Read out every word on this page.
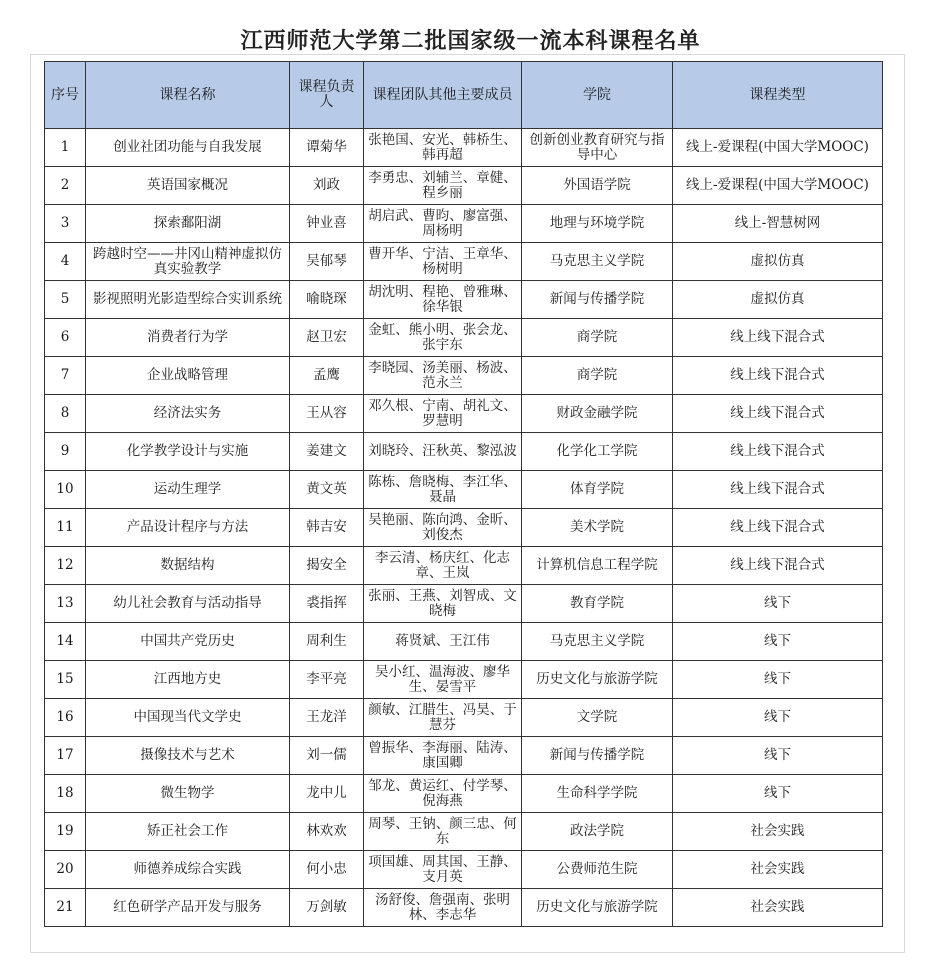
江西师范大学第二批国家级一流本科课程名单
序号	课程名称	课程负责人	课程团队其他主要成员	学院	课程类型
1	创业社团功能与自我发展	谭菊华	张艳国、安光、韩桥生、韩再超	创新创业教育研究与指导中心	线上-爱课程(中国大学MOOC)
2	英语国家概况	刘政	李勇忠、刘辅兰、章健、程乡丽	外国语学院	线上-爱课程(中国大学MOOC)
3	探索鄱阳湖	钟业喜	胡启武、曹昀、廖富强、周杨明	地理与环境学院	线上-智慧树网
4	跨越时空——井冈山精神虚拟仿真实验教学	吴郁琴	曹开华、宁洁、王章华、杨树明	马克思主义学院	虚拟仿真
5	影视照明光影造型综合实训系统	喻晓琛	胡沈明、程艳、曾雅琳、徐华银	新闻与传播学院	虚拟仿真
6	消费者行为学	赵卫宏	金虹、熊小明、张会龙、张宇东	商学院	线上线下混合式
7	企业战略管理	孟鹰	李晓园、汤美丽、杨波、范永兰	商学院	线上线下混合式
8	经济法实务	王从容	邓久根、宁南、胡礼文、罗慧明	财政金融学院	线上线下混合式
9	化学教学设计与实施	姜建文	刘晓玲、汪秋英、黎泓波	化学化工学院	线上线下混合式
10	运动生理学	黄文英	陈栋、詹晓梅、李江华、聂晶	体育学院	线上线下混合式
11	产品设计程序与方法	韩吉安	吴艳丽、陈向鸿、金昕、刘俊杰	美术学院	线上线下混合式
12	数据结构	揭安全	李云清、杨庆红、化志章、王岚	计算机信息工程学院	线上线下混合式
13	幼儿社会教育与活动指导	裘指挥	张丽、王燕、刘智成、文晓梅	教育学院	线下
14	中国共产党历史	周利生	蒋贤斌、王江伟	马克思主义学院	线下
15	江西地方史	李平亮	吴小红、温海波、廖华生、晏雪平	历史文化与旅游学院	线下
16	中国现当代文学史	王龙洋	颜敏、江腊生、冯昊、于慧芬	文学院	线下
17	摄像技术与艺术	刘一儒	曾振华、李海丽、陆涛、康国卿	新闻与传播学院	线下
18	微生物学	龙中儿	邹龙、黄运红、付学琴、倪海燕	生命科学学院	线下
19	矫正社会工作	林欢欢	周琴、王钠、颜三忠、何东	政法学院	社会实践
20	师德养成综合实践	何小忠	项国雄、周其国、王静、支月英	公费师范生院	社会实践
21	红色研学产品开发与服务	万剑敏	汤舒俊、詹强南、张明林、李志华	历史文化与旅游学院	社会实践
